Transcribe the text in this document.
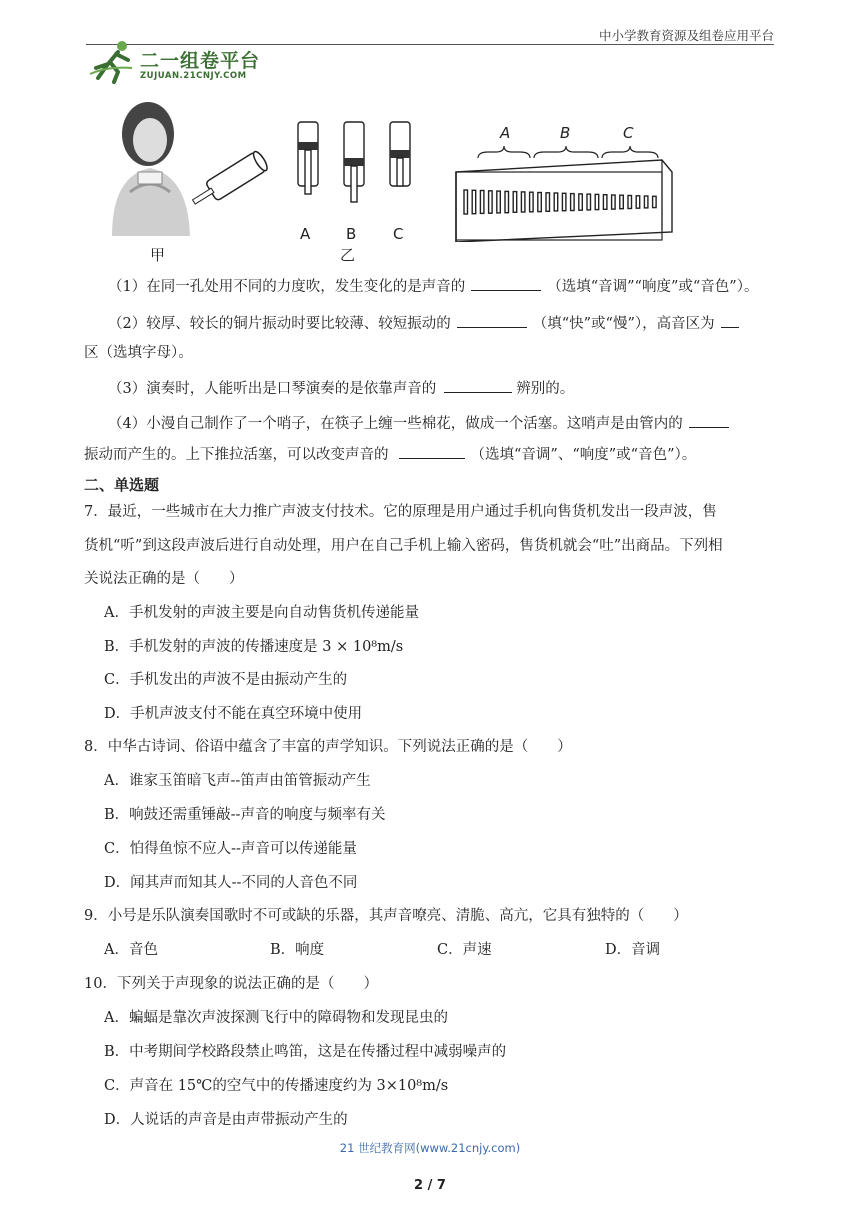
中小学教育资源及组卷应用平台
二一组卷平台
ZUJUAN.21CNJY.COM
甲
A B C
乙
A	B	C
（1）在同一孔处用不同的力度吹，发生变化的是声音的	（选填“音调”“响度”或“音色”）。
（2）较厚、较长的铜片振动时要比较薄、较短振动的	（填“快”或“慢”），高音区为
区（选填字母）。
（3）演奏时，人能听出是口琴演奏的是依靠声音的	辨别的。
（4）小漫自己制作了一个哨子，在筷子上缠一些棉花，做成一个活塞。这哨声是由管内的
振动而产生的。上下推拉活塞，可以改变声音的	（选填“音调”、“响度”或“音色”）。
二、单选题
7．最近，一些城市在大力推广声波支付技术。它的原理是用户通过手机向售货机发出一段声波，售
货机“听”到这段声波后进行自动处理，用户在自己手机上输入密码，售货机就会“吐”出商品。下列相
关说法正确的是（　　）
A．手机发射的声波主要是向自动售货机传递能量
B．手机发射的声波的传播速度是 3 × 10⁸m/s
C．手机发出的声波不是由振动产生的
D．手机声波支付不能在真空环境中使用
8．中华古诗词、俗语中蕴含了丰富的声学知识。下列说法正确的是（　　）
A．谁家玉笛暗飞声--笛声由笛管振动产生
B．响鼓还需重锤敲--声音的响度与频率有关
C．怕得鱼惊不应人--声音可以传递能量
D．闻其声而知其人--不同的人音色不同
9．小号是乐队演奏国歌时不可或缺的乐器，其声音嘹亮、清脆、高亢，它具有独特的（　　）
A．音色	B．响度	C．声速	D．音调
10．下列关于声现象的说法正确的是（　　）
A．蝙蝠是靠次声波探测飞行中的障碍物和发现昆虫的
B．中考期间学校路段禁止鸣笛，这是在传播过程中减弱噪声的
C．声音在 15℃的空气中的传播速度约为 3×10⁸m/s
D．人说话的声音是由声带振动产生的
21 世纪教育网(www.21cnjy.com)
2 / 7
